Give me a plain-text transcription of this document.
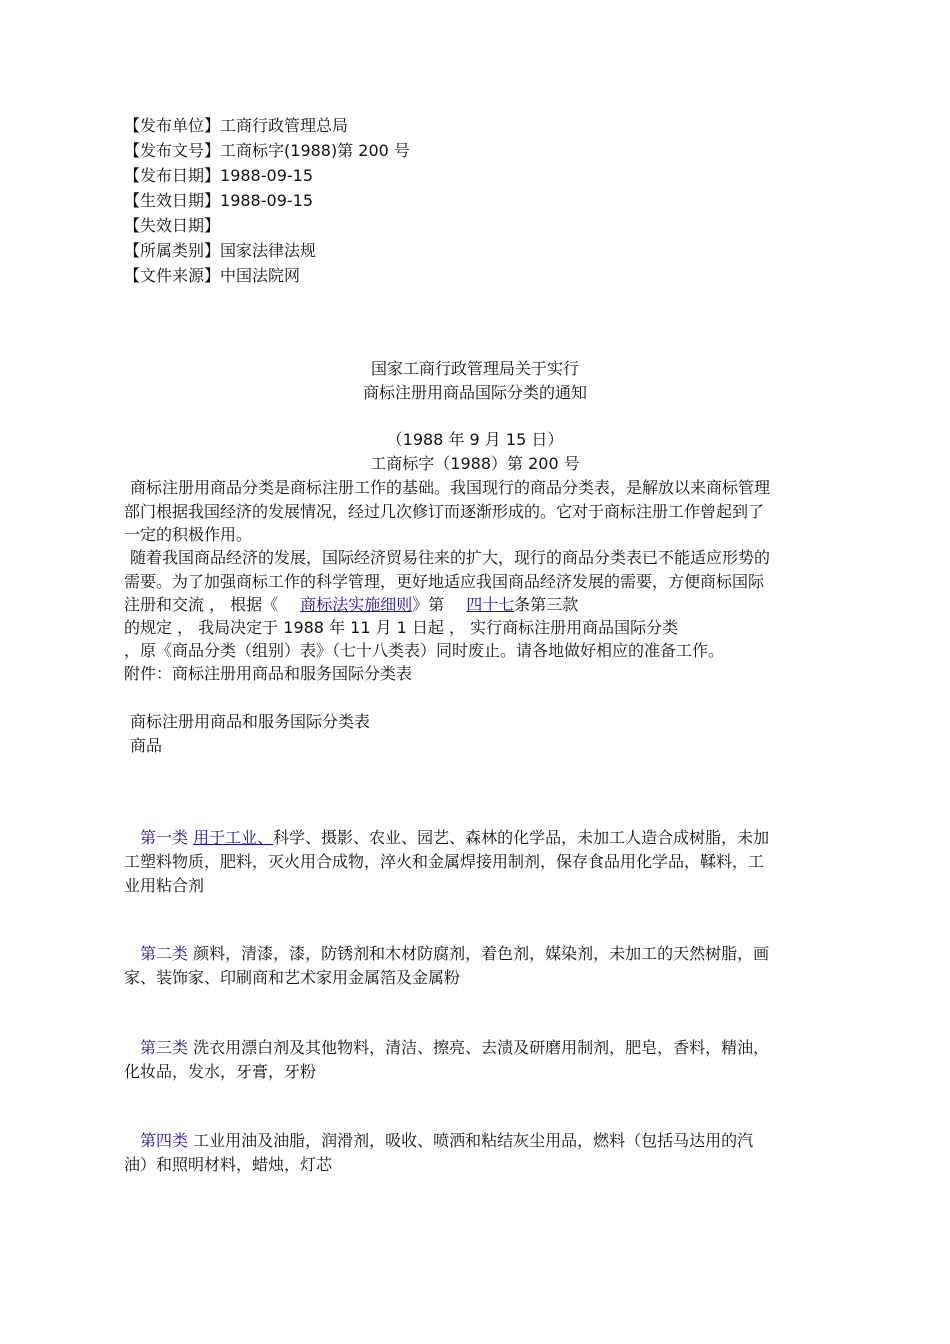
【发布单位】工商行政管理总局
【发布文号】工商标字(1988)第 200 号
【发布日期】1988-09-15
【生效日期】1988-09-15
【失效日期】
【所属类别】国家法律法规
【文件来源】中国法院网
国家工商行政管理局关于实行
商标注册用商品国际分类的通知
（1988 年 9 月 15 日）
工商标字（1988）第 200 号
商标注册用商品分类是商标注册工作的基础。我国现行的商品分类表，是解放以来商标管理
部门根据我国经济的发展情况，经过几次修订而逐渐形成的。它对于商标注册工作曾起到了
一定的积极作用。
随着我国商品经济的发展，国际经济贸易往来的扩大，现行的商品分类表已不能适应形势的
需要。为了加强商标工作的科学管理，更好地适应我国商品经济发展的需要，方便商标国际
注册和交流 ， 根据《 商标法实施细则》第 四十七条第三款
的规定 ， 我局决定于 1988 年 11 月 1 日起 ， 实行商标注册用商品国际分类
，原《商品分类（组别）表》（七十八类表）同时废止。请各地做好相应的准备工作。
附件：商标注册用商品和服务国际分类表
商标注册用商品和服务国际分类表
商品
第一类 用于工业、科学、摄影、农业、园艺、森林的化学品，未加工人造合成树脂，未加
工塑料物质，肥料，灭火用合成物，淬火和金属焊接用制剂，保存食品用化学品，鞣料，工
业用粘合剂
第二类 颜料，清漆，漆，防锈剂和木材防腐剂，着色剂，媒染剂，未加工的天然树脂，画
家、装饰家、印刷商和艺术家用金属箔及金属粉
第三类 洗衣用漂白剂及其他物料，清洁、擦亮、去渍及研磨用制剂，肥皂，香料，精油，
化妆品，发水，牙膏，牙粉
第四类 工业用油及油脂，润滑剂，吸收、喷洒和粘结灰尘用品，燃料（包括马达用的汽
油）和照明材料，蜡烛，灯芯
